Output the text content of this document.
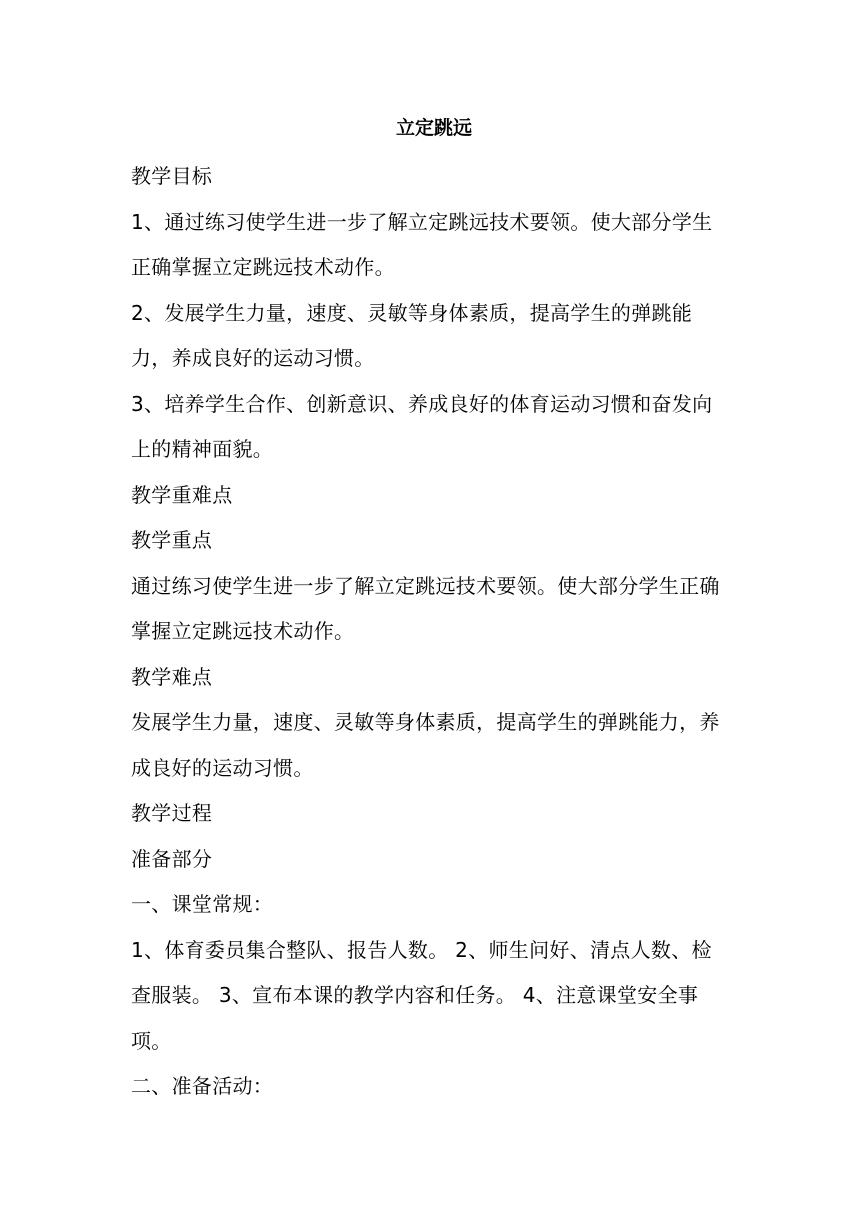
立定跳远

教学目标

1、通过练习使学生进一步了解立定跳远技术要领。使大部分学生正确掌握立定跳远技术动作。

2、发展学生力量，速度、灵敏等身体素质，提高学生的弹跳能力，养成良好的运动习惯。

3、培养学生合作、创新意识、养成良好的体育运动习惯和奋发向上的精神面貌。

教学重难点

教学重点

通过练习使学生进一步了解立定跳远技术要领。使大部分学生正确掌握立定跳远技术动作。

教学难点

发展学生力量，速度、灵敏等身体素质，提高学生的弹跳能力，养成良好的运动习惯。

教学过程

准备部分

一、课堂常规：

1、体育委员集合整队、报告人数。 2、师生问好、清点人数、检查服装。 3、宣布本课的教学内容和任务。 4、注意课堂安全事项。

二、准备活动：
